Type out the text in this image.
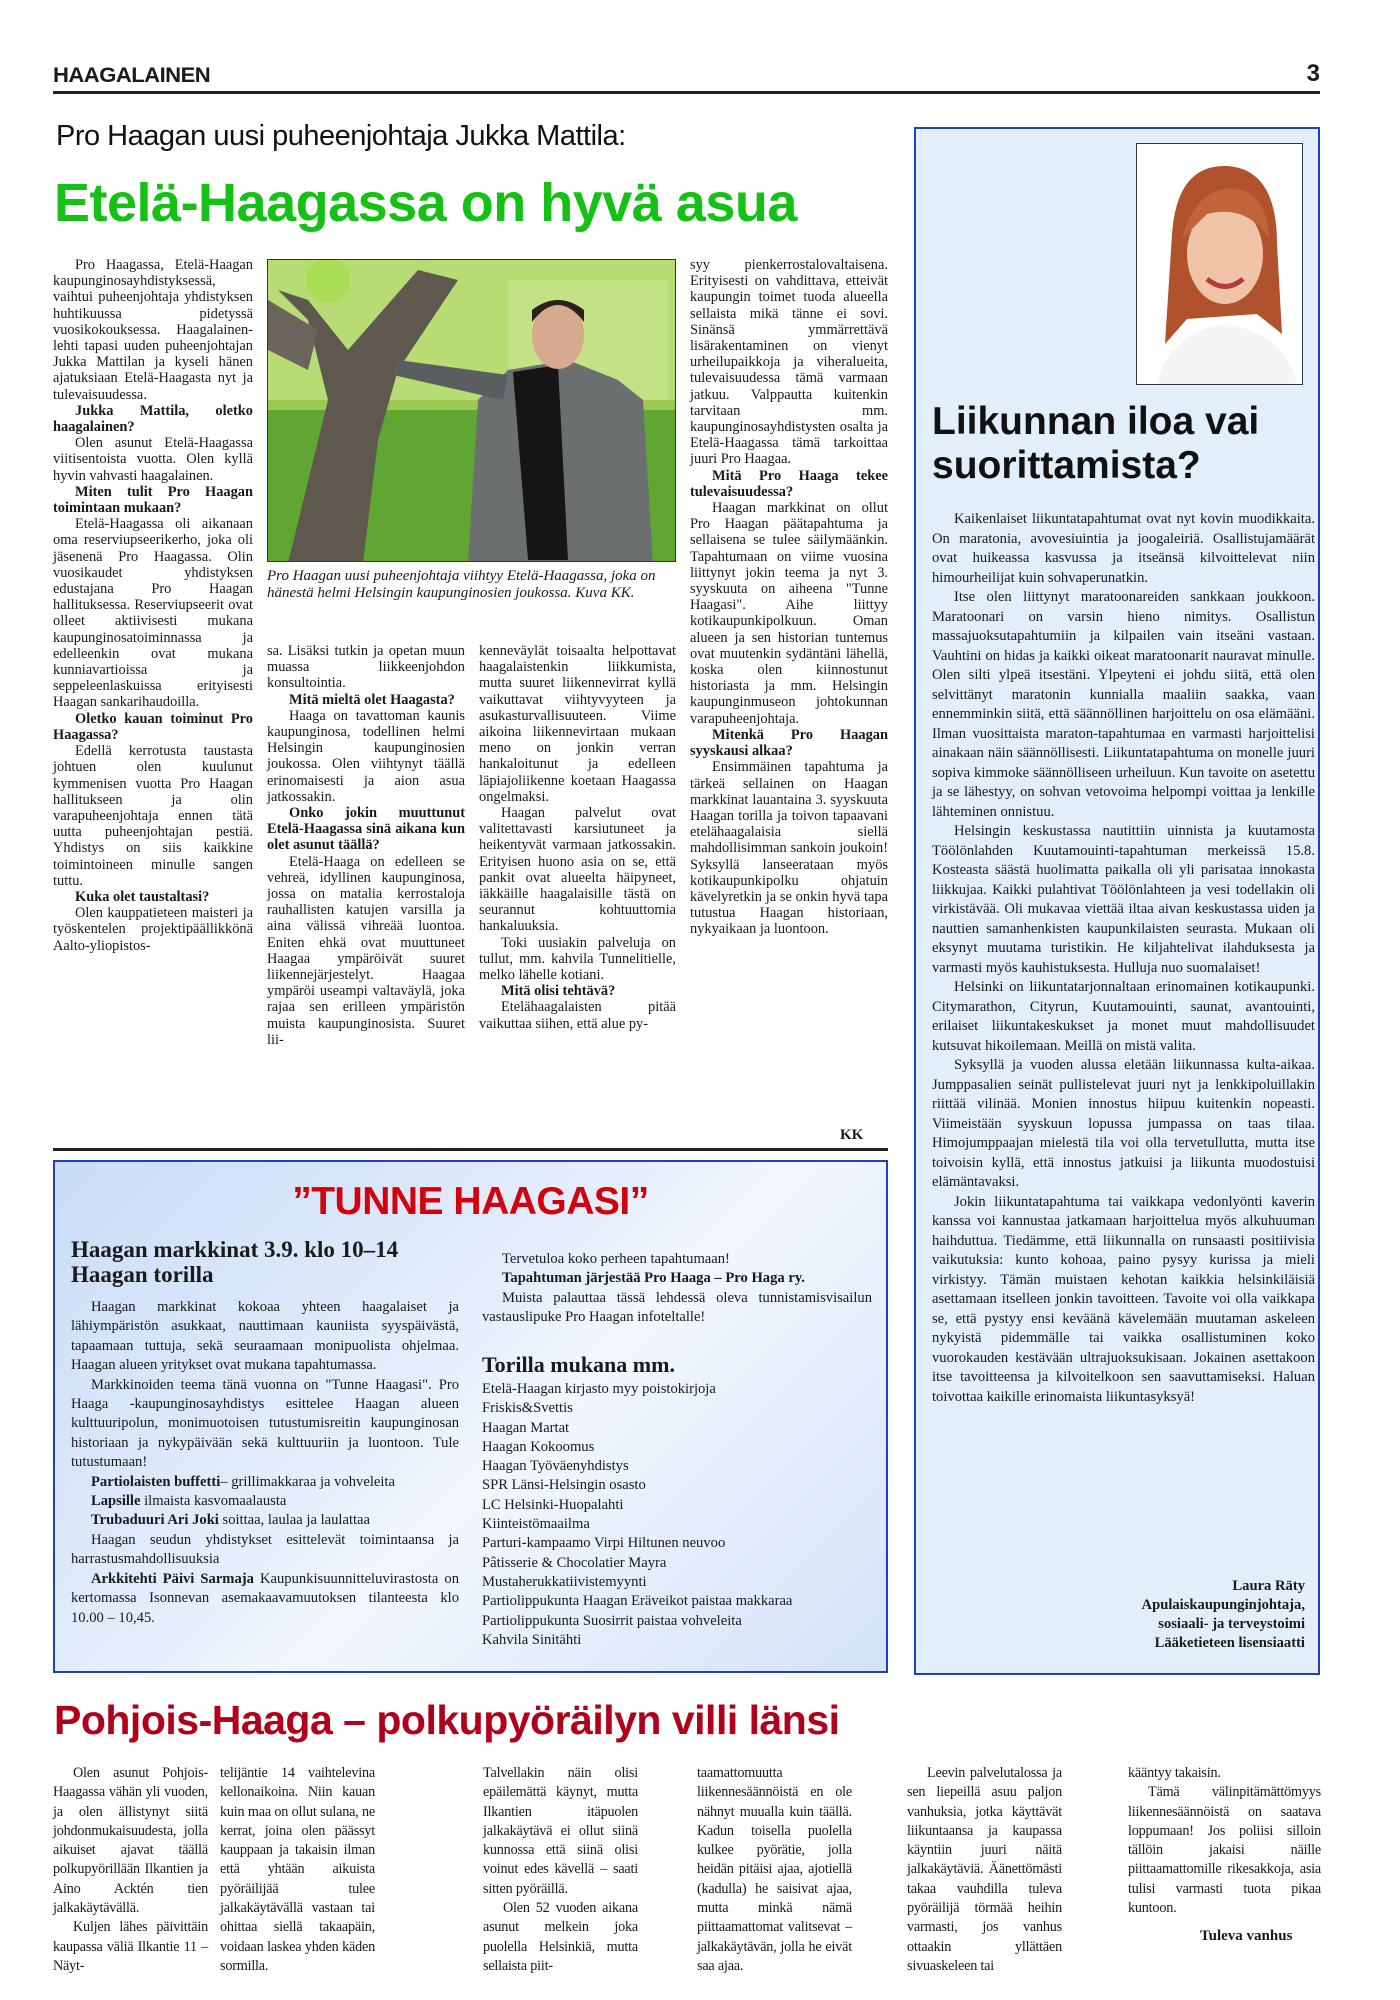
HAAGALAINEN	3
Pro Haagan uusi puheenjohtaja Jukka Mattila:
Etelä-Haagassa on hyvä asua

Pro Haagassa, Etelä-Haagan kaupunginosayhdistyksessä, vaihtui puheenjohtaja yhdistyksen huhtikuussa pidetyssä vuosikokouksessa. Haagalainen-lehti tapasi uuden puheenjohtajan Jukka Mattilan ja kyseli hänen ajatuksiaan Etelä-Haagasta nyt ja tulevaisuudessa.

Jukka Mattila, oletko haagalainen?

Olen asunut Etelä-Haagassa viitisentoista vuotta. Olen kyllä hyvin vahvasti haagalainen.

Miten tulit Pro Haagan toimintaan mukaan?

Etelä-Haagassa oli aikanaan oma reserviupseerikerho, joka oli jäsenenä Pro Haagassa. Olin vuosikaudet yhdistyksen edustajana Pro Haagan hallituksessa. Reserviupseerit ovat olleet aktiivisesti mukana kaupunginosatoiminnassa ja edelleenkin ovat mukana kunniavartioissa ja seppeleenlaskuissa erityisesti Haagan sankarihaudoilla.

Oletko kauan toiminut Pro Haagassa?

Edellä kerrotusta taustasta johtuen olen kuulunut kymmenisen vuotta Pro Haagan hallitukseen ja olin varapuheenjohtaja ennen tätä uutta puheenjohtajan pestiä. Yhdistys on siis kaikkine toimintoineen minulle sangen tuttu.

Kuka olet taustaltasi?

Olen kauppatieteen maisteri ja työskentelen projektipäällikkönä Aalto-yliopistos-

Pro Haagan uusi puheenjohtaja viihtyy Etelä-Haagassa, joka on hänestä helmi Helsingin kaupunginosien joukossa. Kuva KK.

sa. Lisäksi tutkin ja opetan muun muassa liikkeenjohdon konsultointia.

Mitä mieltä olet Haagasta?

Haaga on tavattoman kaunis kaupunginosa, todellinen helmi Helsingin kaupunginosien joukossa. Olen viihtynyt täällä erinomaisesti ja aion asua jatkossakin.

Onko jokin muuttunut Etelä-Haagassa sinä aikana kun olet asunut täällä?

Etelä-Haaga on edelleen se vehreä, idyllinen kaupunginosa, jossa on matalia kerrostaloja rauhallisten katujen varsilla ja aina välissä vihreää luontoa. Eniten ehkä ovat muuttuneet Haagaa ympäröivät suuret liikennejärjestelyt. Haagaa ympäröi useampi valtaväylä, joka rajaa sen erilleen ympäristön muista kaupunginosista. Suuret lii-

kenneväylät toisaalta helpottavat haagalaistenkin liikkumista, mutta suuret liikennevirrat kyllä vaikuttavat viihtyvyyteen ja asukasturvallisuuteen. Viime aikoina liikennevirtaan mukaan meno on jonkin verran hankaloitunut ja edelleen läpiajoliikenne koetaan Haagassa ongelmaksi.

Haagan palvelut ovat valitettavasti karsiutuneet ja heikentyvät varmaan jatkossakin. Erityisen huono asia on se, että pankit ovat alueelta häipyneet, iäkkäille haagalaisille tästä on seurannut kohtuuttomia hankaluuksia.

Toki uusiakin palveluja on tullut, mm. kahvila Tunnelitielle, melko lähelle kotiani.

Mitä olisi tehtävä?

Etelähaagalaisten pitää vaikuttaa siihen, että alue py-

syy pienkerrostalovaltaisena. Erityisesti on vahdittava, etteivät kaupungin toimet tuoda alueella sellaista mikä tänne ei sovi. Sinänsä ymmärrettävä lisärakentaminen on vienyt urheilupaikkoja ja viheralueita, tulevaisuudessa tämä varmaan jatkuu. Valppautta kuitenkin tarvitaan mm. kaupunginosayhdistysten osalta ja Etelä-Haagassa tämä tarkoittaa juuri Pro Haagaa.

Mitä Pro Haaga tekee tulevaisuudessa?

Haagan markkinat on ollut Pro Haagan päätapahtuma ja sellaisena se tulee säilymäänkin. Tapahtumaan on viime vuosina liittynyt jokin teema ja nyt 3. syyskuuta on aiheena "Tunne Haagasi". Aihe liittyy kotikaupunkipolkuun. Oman alueen ja sen historian tuntemus ovat muutenkin sydäntäni lähellä, koska olen kiinnostunut historiasta ja mm. Helsingin kaupunginmuseon johtokunnan varapuheenjohtaja.

Mitenkä Pro Haagan syyskausi alkaa?

Ensimmäinen tapahtuma ja tärkeä sellainen on Haagan markkinat lauantaina 3. syyskuuta Haagan torilla ja toivon tapaavani etelähaagalaisia siellä mahdollisimman sankoin joukoin! Syksyllä lanseerataan myös kotikaupunkipolku ohjatuin kävelyretkin ja se onkin hyvä tapa tutustua Haagan historiaan, nykyaikaan ja luontoon.

KK
Liikunnan iloa vai suorittamista?

Kaikenlaiset liikuntatapahtumat ovat nyt kovin muodikkaita. On maratonia, avovesiuintia ja joogaleiriä. Osallistujamäärät ovat huikeassa kasvussa ja itseänsä kilvoittelevat niin himourheilijat kuin sohvaperunatkin.

Itse olen liittynyt maratoonareiden sankkaan joukkoon. Maratoonari on varsin hieno nimitys. Osallistun massajuoksutapahtumiin ja kilpailen vain itseäni vastaan. Vauhtini on hidas ja kaikki oikeat maratoonarit nauravat minulle. Olen silti ylpeä itsestäni. Ylpeyteni ei johdu siitä, että olen selvittänyt maratonin kunnialla maaliin saakka, vaan ennemminkin siitä, että säännöllinen harjoittelu on osa elämääni. Ilman vuosittaista maraton-tapahtumaa en varmasti harjoittelisi ainakaan näin säännöllisesti. Liikuntatapahtuma on monelle juuri sopiva kimmoke säännölliseen urheiluun. Kun tavoite on asetettu ja se lähestyy, on sohvan vetovoima helpompi voittaa ja lenkille lähteminen onnistuu.

Helsingin keskustassa nautittiin uinnista ja kuutamosta Töölönlahden Kuutamouinti-tapahtuman merkeissä 15.8. Kosteasta säästä huolimatta paikalla oli yli parisataa innokasta liikkujaa. Kaikki pulahtivat Töölönlahteen ja vesi todellakin oli virkistävää. Oli mukavaa viettää iltaa aivan keskustassa uiden ja nauttien samanhenkisten kaupunkilaisten seurasta. Mukaan oli eksynyt muutama turistikin. He kiljahtelivat ilahduksesta ja varmasti myös kauhistuksesta. Hulluja nuo suomalaiset!

Helsinki on liikuntatarjonnaltaan erinomainen kotikaupunki. Citymarathon, Cityrun, Kuutamouinti, saunat, avantouinti, erilaiset liikuntakeskukset ja monet muut mahdollisuudet kutsuvat hikoilemaan. Meillä on mistä valita.

Syksyllä ja vuoden alussa eletään liikunnassa kulta-aikaa. Jumppasalien seinät pullistelevat juuri nyt ja lenkkipoluillakin riittää vilinää. Monien innostus hiipuu kuitenkin nopeasti. Viimeistään syyskuun lopussa jumpassa on taas tilaa. Himojumppaajan mielestä tila voi olla tervetullutta, mutta itse toivoisin kyllä, että innostus jatkuisi ja liikunta muodostuisi elämäntavaksi.

Jokin liikuntatapahtuma tai vaikkapa vedonlyönti kaverin kanssa voi kannustaa jatkamaan harjoittelua myös alkuhuuman haihduttua. Tiedämme, että liikunnalla on runsaasti positiivisia vaikutuksia: kunto kohoaa, paino pysyy kurissa ja mieli virkistyy. Tämän muistaen kehotan kaikkia helsinkiläisiä asettamaan itselleen jonkin tavoitteen. Tavoite voi olla vaikkapa se, että pystyy ensi keväänä kävelemään muutaman askeleen nykyistä pidemmälle tai vaikka osallistuminen koko vuorokauden kestävään ultrajuoksukisaan. Jokainen asettakoon itse tavoitteensa ja kilvoitelkoon sen saavuttamiseksi. Haluan toivottaa kaikille erinomaista liikuntasyksyä!

Laura Räty
Apulaiskaupunginjohtaja,
sosiaali- ja terveystoimi
Lääketieteen lisensiaatti
”TUNNE HAAGASI”
Haagan markkinat 3.9. klo 10–14
Haagan torilla

Haagan markkinat kokoaa yhteen haagalaiset ja lähiympäristön asukkaat, nauttimaan kauniista syyspäivästä, tapaamaan tuttuja, sekä seuraamaan monipuolista ohjelmaa. Haagan alueen yritykset ovat mukana tapahtumassa.

Markkinoiden teema tänä vuonna on "Tunne Haagasi". Pro Haaga -kaupunginosayhdistys esittelee Haagan alueen kulttuuripolun, monimuotoisen tutustumisreitin kaupunginosan historiaan ja nykypäivään sekä kulttuuriin ja luontoon. Tule tutustumaan!

Partiolaisten buffetti– grillimakkaraa ja vohveleita

Lapsille ilmaista kasvomaalausta

Trubaduuri Ari Joki soittaa, laulaa ja laulattaa

Haagan seudun yhdistykset esittelevät toimintaansa ja harrastusmahdollisuuksia

Arkkitehti Päivi Sarmaja Kaupunkisuunnitteluvirastosta on kertomassa Isonnevan asemakaavamuutoksen tilanteesta klo 10.00 – 10,45.

Tervetuloa koko perheen tapahtumaan!

Tapahtuman järjestää Pro Haaga – Pro Haga ry.

Muista palauttaa tässä lehdessä oleva tunnistamisvisailun vastauslipuke Pro Haagan infoteltalle!

Torilla mukana mm.
Etelä-Haagan kirjasto myy poistokirjoja
Friskis&Svettis
Haagan Martat
Haagan Kokoomus
Haagan Työväenyhdistys
SPR Länsi-Helsingin osasto
LC Helsinki-Huopalahti
Kiinteistömaailma
Parturi-kampaamo Virpi Hiltunen neuvoo
Pâtisserie & Chocolatier Mayra
Mustaherukkatiivistemyynti
Partiolippukunta Haagan Eräveikot paistaa makkaraa
Partiolippukunta Suosirrit paistaa vohveleita
Kahvila Sinitähti
Pohjois-Haaga – polkupyöräilyn villi länsi

Olen asunut Pohjois-Haagassa vähän yli vuoden, ja olen ällistynyt siitä johdonmukaisuudesta, jolla aikuiset ajavat täällä polkupyörillään Ilkantien ja Aino Acktén tien jalkakäytävällä.

Kuljen lähes päivittäin kaupassa väliä Ilkantie 11 – Näyt-

telijäntie 14 vaihtelevina kellonaikoina. Niin kauan kuin maa on ollut sulana, ne kerrat, joina olen päässyt kauppaan ja takaisin ilman että yhtään aikuista pyöräilijää tulee jalkakäytävällä vastaan tai ohittaa siellä takaapäin, voidaan laskea yhden käden sormilla.

Talvellakin näin olisi epäilemättä käynyt, mutta Ilkantien itäpuolen jalkakäytävä ei ollut siinä kunnossa että siinä olisi voinut edes kävellä – saati sitten pyöräillä.

Olen 52 vuoden aikana asunut melkein joka puolella Helsinkiä, mutta sellaista piit-

taamattomuutta liikennesäännöistä en ole nähnyt muualla kuin täällä. Kadun toisella puolella kulkee pyörätie, jolla heidän pitäisi ajaa, ajotiellä (kadulla) he saisivat ajaa, mutta minkä nämä piittaamattomat valitsevat – jalkakäytävän, jolla he eivät saa ajaa.

Leevin palvelutalossa ja sen liepeillä asuu paljon vanhuksia, jotka käyttävät liikuntaansa ja kaupassa käyntiin juuri näitä jalkakäytäviä. Äänettömästi takaa vauhdilla tuleva pyöräilijä törmää heihin varmasti, jos vanhus ottaakin yllättäen sivuaskeleen tai

kääntyy takaisin.

Tämä välinpitämättömyys liikennesäännöistä on saatava loppumaan! Jos poliisi silloin tällöin jakaisi näille piittaamattomille rikesakkoja, asia tulisi varmasti tuota pikaa kuntoon.

Tuleva vanhus
